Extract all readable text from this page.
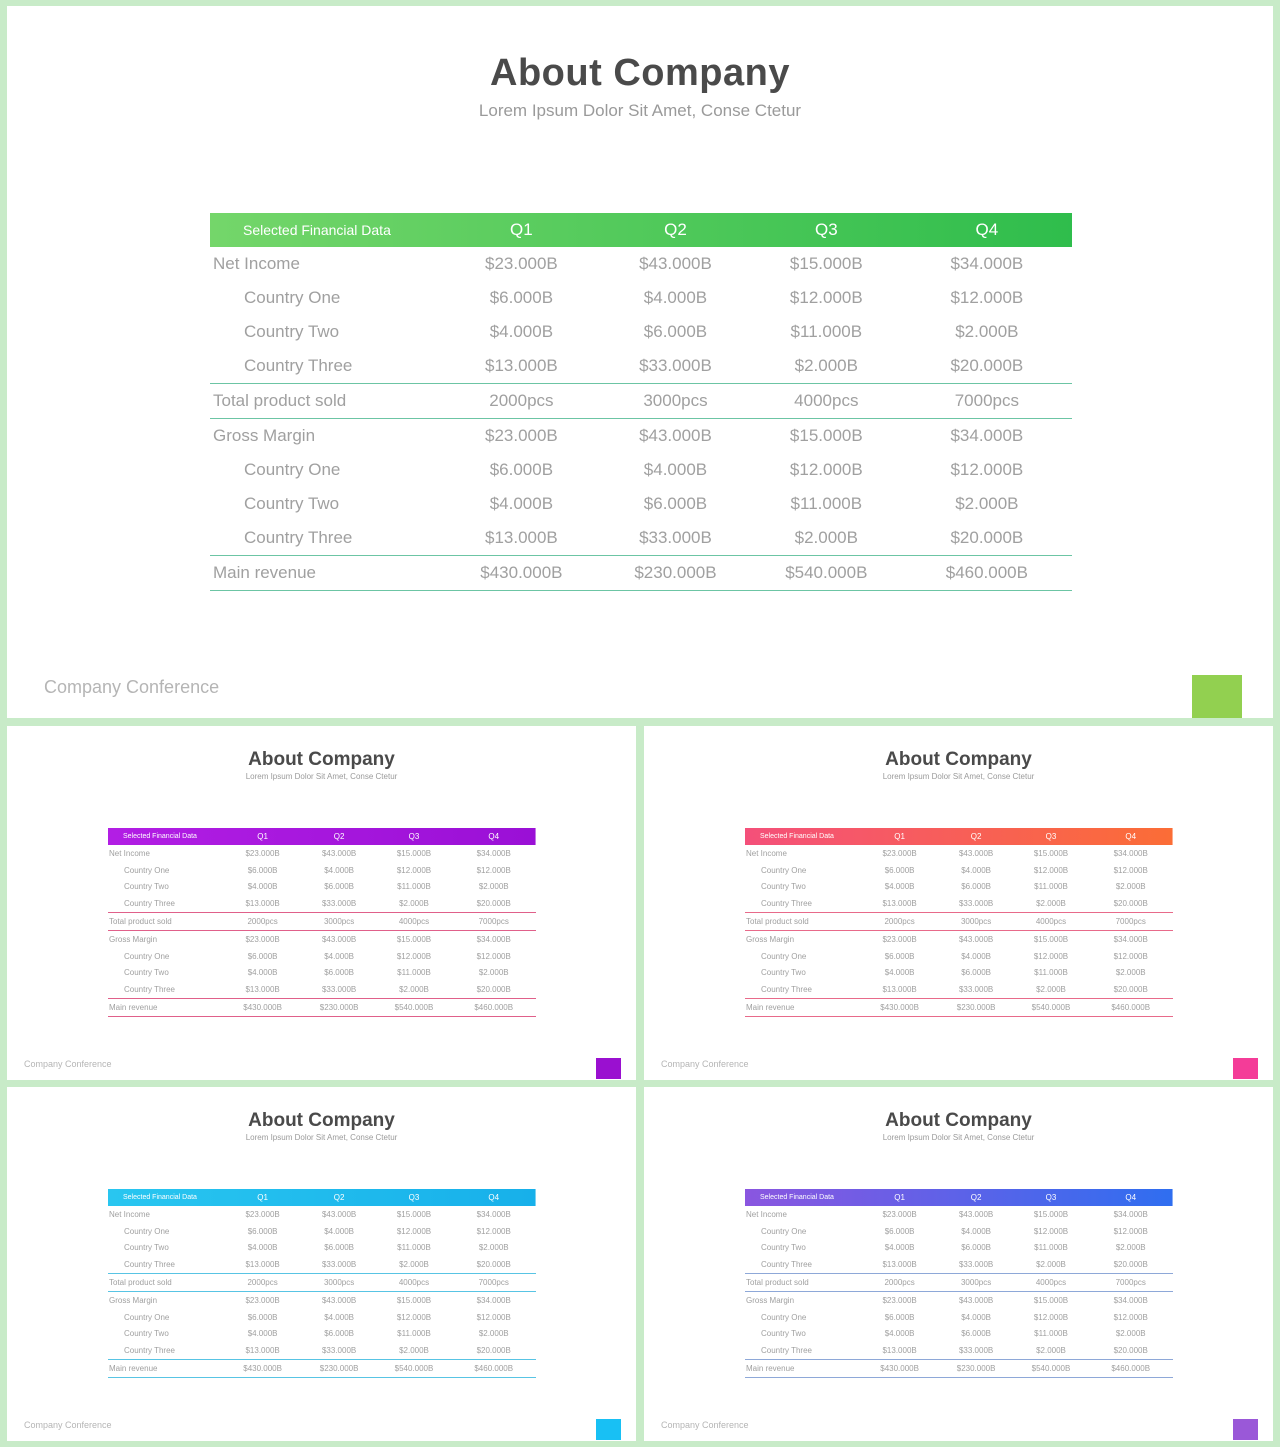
About Company
Lorem Ipsum Dolor Sit Amet, Conse Ctetur
Selected Financial Data	Q1	Q2	Q3	Q4
Net Income	$23.000B	$43.000B	$15.000B	$34.000B
Country One	$6.000B	$4.000B	$12.000B	$12.000B
Country Two	$4.000B	$6.000B	$11.000B	$2.000B
Country Three	$13.000B	$33.000B	$2.000B	$20.000B
Total product sold	2000pcs	3000pcs	4000pcs	7000pcs
Gross Margin	$23.000B	$43.000B	$15.000B	$34.000B
Country One	$6.000B	$4.000B	$12.000B	$12.000B
Country Two	$4.000B	$6.000B	$11.000B	$2.000B
Country Three	$13.000B	$33.000B	$2.000B	$20.000B
Main revenue	$430.000B	$230.000B	$540.000B	$460.000B
Company Conference
About Company
Lorem Ipsum Dolor Sit Amet, Conse Ctetur
Selected Financial Data	Q1	Q2	Q3	Q4
Net Income	$23.000B	$43.000B	$15.000B	$34.000B
Country One	$6.000B	$4.000B	$12.000B	$12.000B
Country Two	$4.000B	$6.000B	$11.000B	$2.000B
Country Three	$13.000B	$33.000B	$2.000B	$20.000B
Total product sold	2000pcs	3000pcs	4000pcs	7000pcs
Gross Margin	$23.000B	$43.000B	$15.000B	$34.000B
Country One	$6.000B	$4.000B	$12.000B	$12.000B
Country Two	$4.000B	$6.000B	$11.000B	$2.000B
Country Three	$13.000B	$33.000B	$2.000B	$20.000B
Main revenue	$430.000B	$230.000B	$540.000B	$460.000B
Company Conference
About Company
Lorem Ipsum Dolor Sit Amet, Conse Ctetur
Selected Financial Data	Q1	Q2	Q3	Q4
Net Income	$23.000B	$43.000B	$15.000B	$34.000B
Country One	$6.000B	$4.000B	$12.000B	$12.000B
Country Two	$4.000B	$6.000B	$11.000B	$2.000B
Country Three	$13.000B	$33.000B	$2.000B	$20.000B
Total product sold	2000pcs	3000pcs	4000pcs	7000pcs
Gross Margin	$23.000B	$43.000B	$15.000B	$34.000B
Country One	$6.000B	$4.000B	$12.000B	$12.000B
Country Two	$4.000B	$6.000B	$11.000B	$2.000B
Country Three	$13.000B	$33.000B	$2.000B	$20.000B
Main revenue	$430.000B	$230.000B	$540.000B	$460.000B
Company Conference
About Company
Lorem Ipsum Dolor Sit Amet, Conse Ctetur
Selected Financial Data	Q1	Q2	Q3	Q4
Net Income	$23.000B	$43.000B	$15.000B	$34.000B
Country One	$6.000B	$4.000B	$12.000B	$12.000B
Country Two	$4.000B	$6.000B	$11.000B	$2.000B
Country Three	$13.000B	$33.000B	$2.000B	$20.000B
Total product sold	2000pcs	3000pcs	4000pcs	7000pcs
Gross Margin	$23.000B	$43.000B	$15.000B	$34.000B
Country One	$6.000B	$4.000B	$12.000B	$12.000B
Country Two	$4.000B	$6.000B	$11.000B	$2.000B
Country Three	$13.000B	$33.000B	$2.000B	$20.000B
Main revenue	$430.000B	$230.000B	$540.000B	$460.000B
Company Conference
About Company
Lorem Ipsum Dolor Sit Amet, Conse Ctetur
Selected Financial Data	Q1	Q2	Q3	Q4
Net Income	$23.000B	$43.000B	$15.000B	$34.000B
Country One	$6.000B	$4.000B	$12.000B	$12.000B
Country Two	$4.000B	$6.000B	$11.000B	$2.000B
Country Three	$13.000B	$33.000B	$2.000B	$20.000B
Total product sold	2000pcs	3000pcs	4000pcs	7000pcs
Gross Margin	$23.000B	$43.000B	$15.000B	$34.000B
Country One	$6.000B	$4.000B	$12.000B	$12.000B
Country Two	$4.000B	$6.000B	$11.000B	$2.000B
Country Three	$13.000B	$33.000B	$2.000B	$20.000B
Main revenue	$430.000B	$230.000B	$540.000B	$460.000B
Company Conference
